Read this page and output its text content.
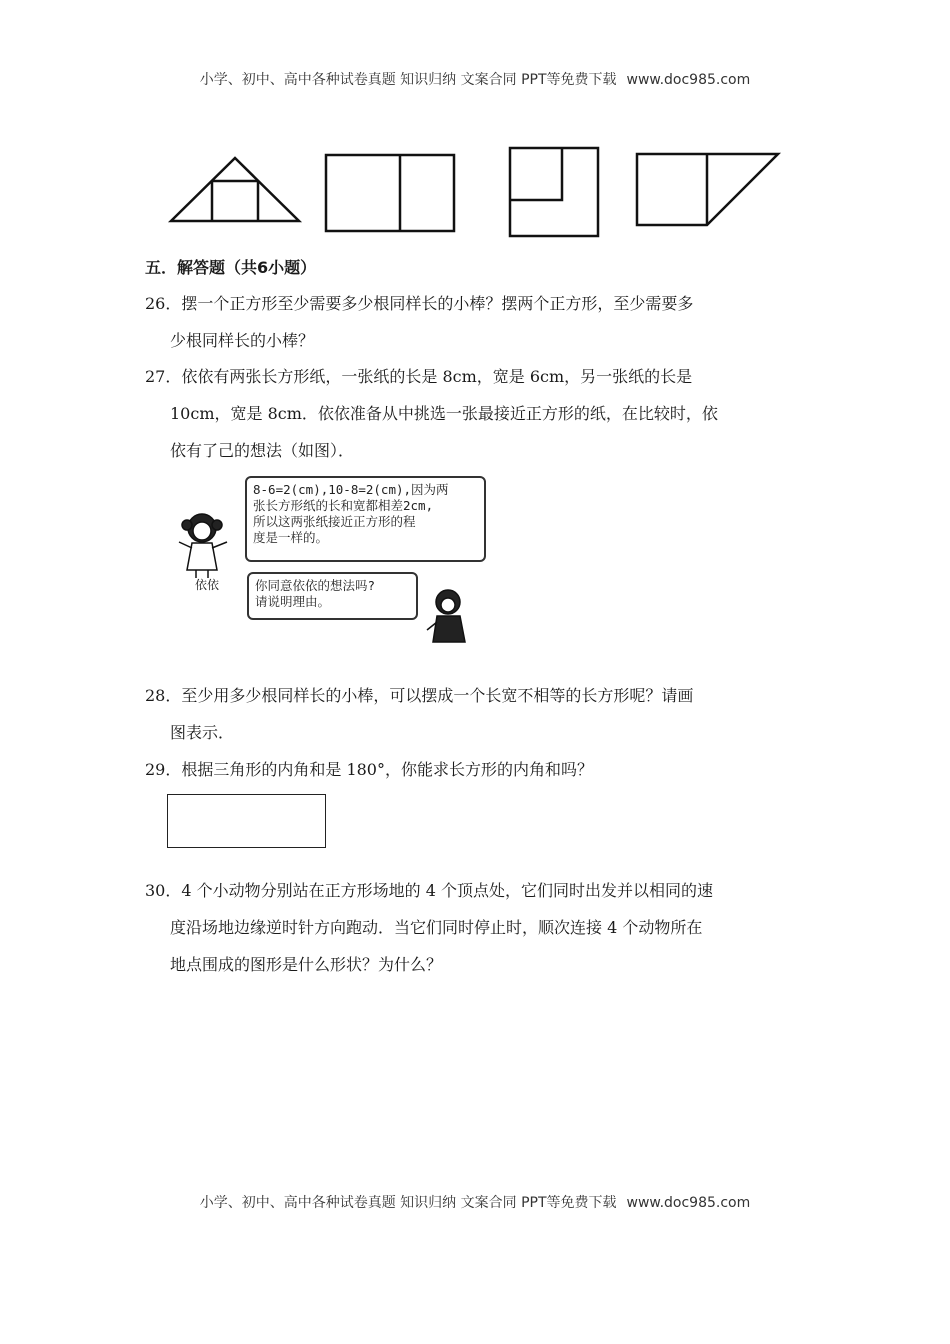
小学、初中、高中各种试卷真题 知识归纳 文案合同 PPT等免费下载 www.doc985.com
五．解答题（共6小题）
26．摆一个正方形至少需要多少根同样长的小棒？摆两个正方形，至少需要多
少根同样长的小棒？
27．依依有两张长方形纸，一张纸的长是 8cm，宽是 6cm，另一张纸的长是
10cm，宽是 8cm．依依准备从中挑选一张最接近正方形的纸，在比较时，依
依有了己的想法（如图）．
8-6=2(cm),10-8=2(cm),因为两
张长方形纸的长和宽都相差2cm,
所以这两张纸接近正方形的程
度是一样的。
你同意依依的想法吗?
请说明理由。
依依
28．至少用多少根同样长的小棒，可以摆成一个长宽不相等的长方形呢？请画
图表示．
29．根据三角形的内角和是 180°，你能求长方形的内角和吗？
30．4 个小动物分别站在正方形场地的 4 个顶点处，它们同时出发并以相同的速
度沿场地边缘逆时针方向跑动．当它们同时停止时，顺次连接 4 个动物所在
地点围成的图形是什么形状？为什么？
小学、初中、高中各种试卷真题 知识归纳 文案合同 PPT等免费下载 www.doc985.com
